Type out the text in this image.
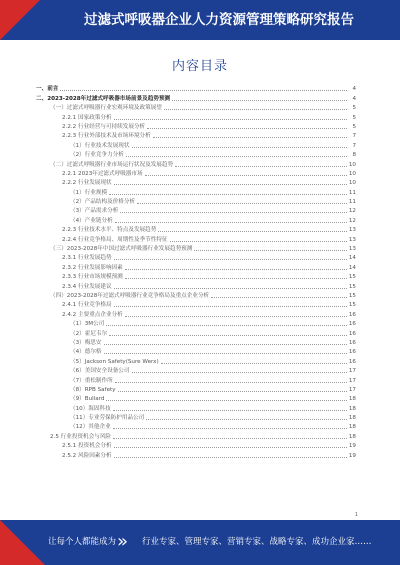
过滤式呼吸器企业人力资源管理策略研究报告
内容目录
一、前言	4
二、2023-2028年过滤式呼吸器市场前景及趋势预测	4
（一）过滤式呼吸器行业宏观环境及政策展望	5
2.2.1 国家政策分析	5
2.2.2 行业经营与可持续发展分析	5
2.2.3 行业外部技术及市场环境分析	7
（1）行业技术发展现状	7
（2）行业竞争力分析	8
（二）过滤式呼吸器行业市场运行状况及发展趋势	10
2.2.1 2023年过滤式呼吸器市场	10
2.2.2 行业发展现状	10
（1）行业规模	11
（2）产品结构及价格分析	11
（3）产品需求分析	12
（4）产业链分析	12
2.2.3 行业技术水平、特点及发展趋势	13
2.2.4 行业竞争格局、周期性及季节性特征	13
（三）2023-2028年中国过滤式呼吸器行业发展趋势预测	13
2.3.1 行业发展趋势	14
2.3.2 行业发展影响因素	14
2.3.3 行业市场规模预测	15
2.3.4 行业发展建议	15
（四）2023-2028年过滤式呼吸器行业竞争格局及重点企业分析	15
2.4.1 行业竞争格局	15
2.4.2 主要重点企业分析	16
（1）3M公司	16
（2）霍尼韦尔	16
（3）梅思安	16
（4）德尔格	16
（5）Jackson Safety(Sure Werx)	16
（6）美国安全设备公司	17
（7）重松制作所	17
（8）RPB Safety	17
（9）Bullard	18
（10）海固科技	18
（11）专业劳保防护用品公司	18
（12）其他企业	18
2.5 行业投资机会与风险	18
2.5.1 投资机会分析	19
2.5.2 风险因素分析	19
1
让每个人都能成为 » 行业专家、管理专家、营销专家、战略专家、成功企业家……
